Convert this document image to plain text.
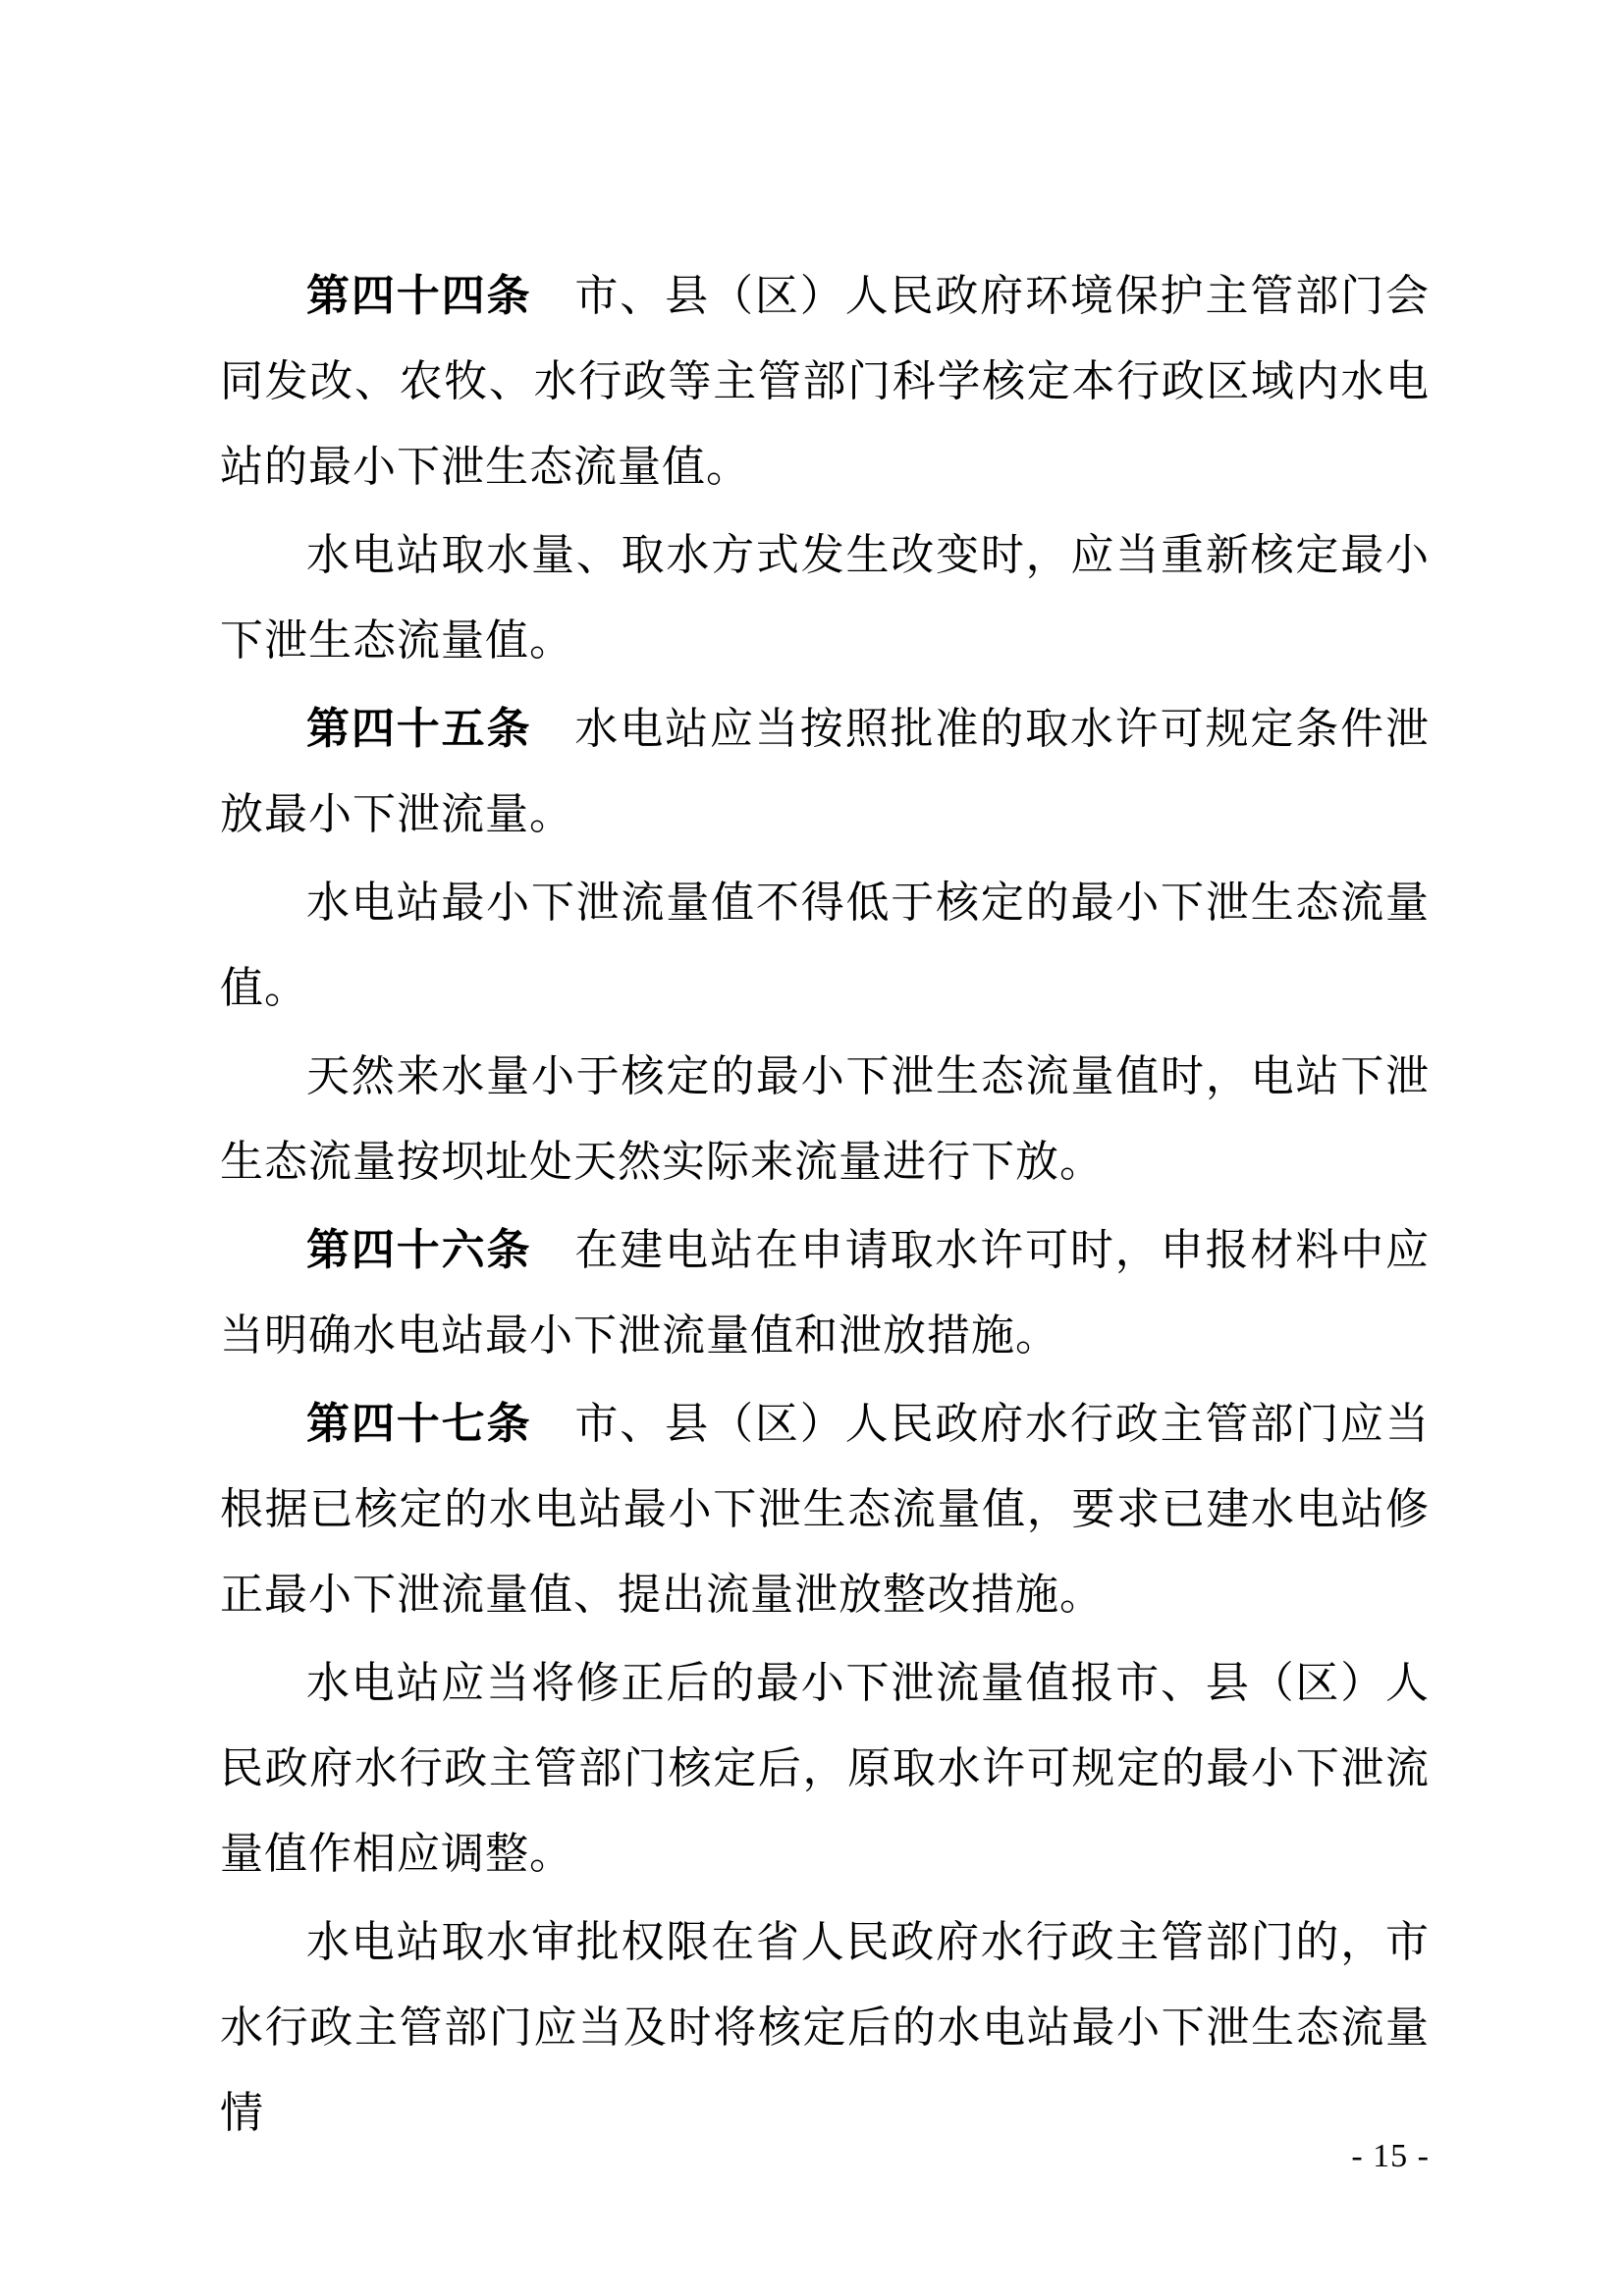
第四十四条 市、县（区）人民政府环境保护主管部门会同发改、农牧、水行政等主管部门科学核定本行政区域内水电站的最小下泄生态流量值。

水电站取水量、取水方式发生改变时，应当重新核定最小下泄生态流量值。

第四十五条 水电站应当按照批准的取水许可规定条件泄放最小下泄流量。

水电站最小下泄流量值不得低于核定的最小下泄生态流量值。

天然来水量小于核定的最小下泄生态流量值时，电站下泄生态流量按坝址处天然实际来流量进行下放。

第四十六条 在建电站在申请取水许可时，申报材料中应当明确水电站最小下泄流量值和泄放措施。

第四十七条 市、县（区）人民政府水行政主管部门应当根据已核定的水电站最小下泄生态流量值，要求已建水电站修正最小下泄流量值、提出流量泄放整改措施。

水电站应当将修正后的最小下泄流量值报市、县（区）人民政府水行政主管部门核定后，原取水许可规定的最小下泄流量值作相应调整。

水电站取水审批权限在省人民政府水行政主管部门的，市水行政主管部门应当及时将核定后的水电站最小下泄生态流量情

- 15 -
